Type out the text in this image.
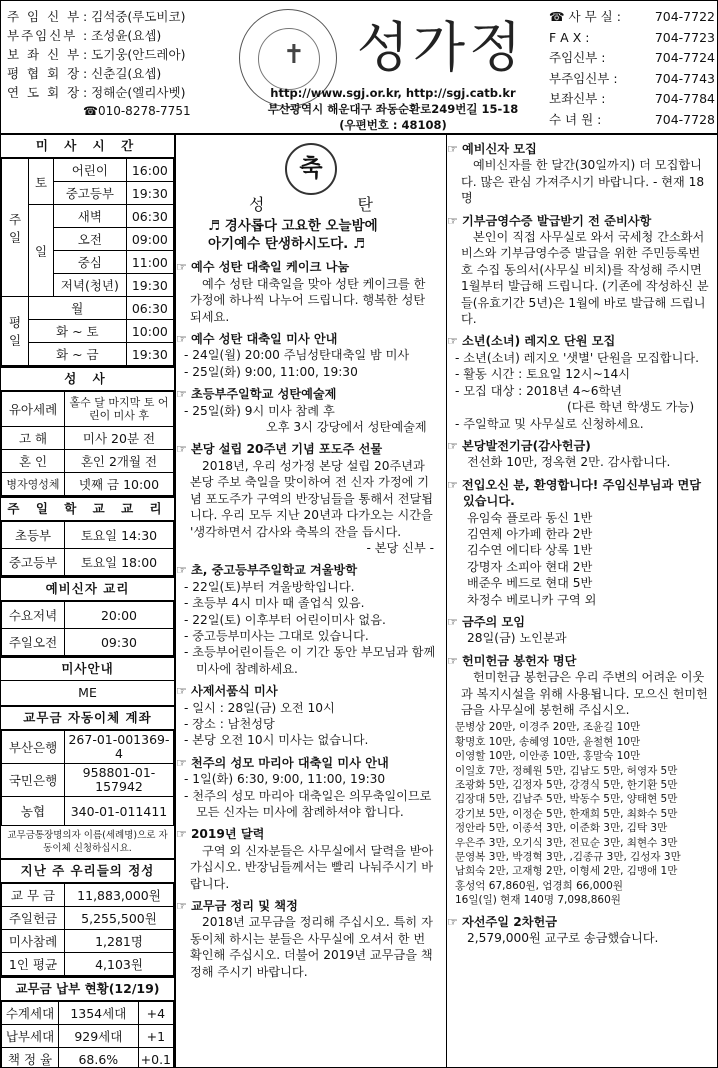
주 임 신 부 : 김석중(루도비코)
부주임신부 : 조성윤(요셉)
보 좌 신 부 : 도기웅(안드레아)
평 협 회 장 : 신춘길(요셉)
연 도 회 장 : 정해순(엘리사벳)
☎010-8278-7751
✝ 성가정
http://www.sgj.or.kr, http://sgj.catb.kr
부산광역시 해운대구 좌동순환로249번길 15-18
(우편번호 : 48108)
☎ 사 무 실 :	704-7722
F A X :	704-7723
주임신부 :	704-7724
부주임신부 :	704-7743
보좌신부 :	704-7784
수 녀 원 :	704-7728
미 사 시 간
주일	토	어린이	16:00
		중고등부	19:30
	일	새벽	06:30
		오전	09:00
		중심	11:00
		저녁(청년)	19:30
평일	월		06:30
	화 ~ 토		10:00
	화 ~ 금		19:30
성 사
유아세례	홀수 달 마지막 토 어린이 미사 후
고 해	미사 20분 전
혼 인	혼인 2개월 전
병자영성체	넷째 금 10:00
주 일 학 교 교 리
초등부	토요일 14:30
중고등부	토요일 18:00
예비신자 교리
수요저녁	20:00
주일오전	09:30
미사안내
ME
교무금 자동이체 계좌
부산은행	267-01-001369-4
국민은행	958801-01-157942
농협	340-01-011411
교무금통장명의자 이름(세례명)으로 자동이체 신청하십시요.
지난 주 우리들의 정성
교 무 금	11,883,000원
주일헌금	5,255,500원
미사참례	1,281명
1인 평균	4,103원
교무금 납부 현황(12/19)
수계세대	1354세대	+4
납부세대	929세대	+1
책 정 율	68.6%	+0.1
축
성 탄
♬ 경사롭다 고요한 오늘밤에
아기예수 탄생하시도다. ♬
☞ 예수 성탄 대축일 케이크 나눔
예수 성탄 대축일을 맞아 성탄 케이크를 한 가정에 하나씩 나누어 드립니다. 행복한 성탄 되세요.
☞ 예수 성탄 대축일 미사 안내
- 24일(월) 20:00 주님성탄대축일 밤 미사
- 25일(화) 9:00, 11:00, 19:30
☞ 초등부주일학교 성탄예술제
- 25일(화) 9시 미사 참례 후
오후 3시 강당에서 성탄예술제
☞ 본당 설립 20주년 기념 포도주 선물
2018년, 우리 성가정 본당 설립 20주년과 본당 주보 축일을 맞이하여 전 신자 가정에 기념 포도주가 구역의 반장님들을 통해서 전달됩니다. 우리 모두 지난 20년과 다가오는 시간을 '생각하면서 감사와 축복의 잔을 듭시다.
- 본당 신부 -
☞ 초, 중고등부주일학교 겨울방학
- 22일(토)부터 겨울방학입니다.
- 초등부 4시 미사 때 졸업식 있음.
- 22일(토) 이후부터 어린이미사 없음.
- 중고등부미사는 그대로 있습니다.
- 초등부어린이들은 이 기간 동안 부모님과 함께 미사에 참례하세요.
☞ 사제서품식 미사
- 일시 : 28일(금) 오전 10시
- 장소 : 남천성당
- 본당 오전 10시 미사는 없습니다.
☞ 천주의 성모 마리아 대축일 미사 안내
- 1일(화) 6:30, 9:00, 11:00, 19:30
- 천주의 성모 마리아 대축일은 의무축일이므로 모든 신자는 미사에 참례하셔야 합니다.
☞ 2019년 달력
구역 외 신자분들은 사무실에서 달력을 받아 가십시오. 반장님들께서는 빨리 나눠주시기 바랍니다.
☞ 교무금 정리 및 책정
2018년 교무금을 정리해 주십시오. 특히 자동이체 하시는 분들은 사무실에 오셔서 한 번 확인해 주십시오. 더불어 2019년 교무금을 책정해 주시기 바랍니다.
☞ 예비신자 모집
예비신자를 한 달간(30일까지) 더 모집합니다. 많은 관심 가져주시기 바랍니다. - 현재 18명
☞ 기부금영수증 발급받기 전 준비사항
본인이 직접 사무실로 와서 국세청 간소화서비스와 기부금영수증 발급을 위한 주민등록번호 수집 동의서(사무실 비치)를 작성해 주시면 1월부터 발급해 드립니다. (기존에 작성하신 분들(유효기간 5년)은 1월에 바로 발급해 드립니다.
☞ 소년(소녀) 레지오 단원 모집
- 소년(소녀) 레지오 '샛별' 단원을 모집합니다.
- 활동 시간 : 토요일 12시~14시
- 모집 대상 : 2018년 4~6학년
(다른 학년 학생도 가능)
- 주일학교 및 사무실로 신청하세요.
☞ 본당발전기금(감사헌금)
전선화 10만, 정옥현 2만. 감사합니다.
☞ 전입오신 분, 환영합니다! 주임신부님과 면담 있습니다.
유임숙 플로라 동신 1반
김연제 아가페 한라 2반
김수연 에디타 상록 1반
강명자 소피아 현대 2반
배준우 베드로 현대 5반
차정수 베로니카 구역 외
☞ 금주의 모임
28일(금) 노인분과
☞ 헌미헌금 봉헌자 명단
헌미헌금 봉헌금은 우리 주변의 어려운 이웃과 복지시설을 위해 사용됩니다. 모으신 헌미헌금을 사무실에 봉헌해 주십시오.
문병상 20만, 이경주 20만, 조윤길 10만
황명호 10만, 송혜영 10만, 윤철현 10만
이영할 10만, 이안종 10만, 홍말숙 10만
이일호 7만, 정혜원 5만, 김남도 5만, 허영자 5만
조광화 5만, 김정자 5만, 강경식 5만, 한기환 5만
김장대 5만, 김남주 5만, 박동수 5만, 양태현 5만
강기보 5만, 이정순 5만, 한재희 5만, 최화수 5만
정안라 5만, 이종석 3만, 이준화 3만, 김탁 3만
우은주 3만, 오기식 3만, 전묘순 3만, 최현수 3만
문영복 3만, 박경혁 3만, ,김종규 3만, 김성자 3만
남희숙 2만, 고재형 2만, 이형세 2만, 김맹애 1만
홍성억 67,860원, 엄경희 66,000원
16일(일) 현재 140명 7,098,860원
☞ 자선주일 2차헌금
2,579,000원 교구로 송금했습니다.
